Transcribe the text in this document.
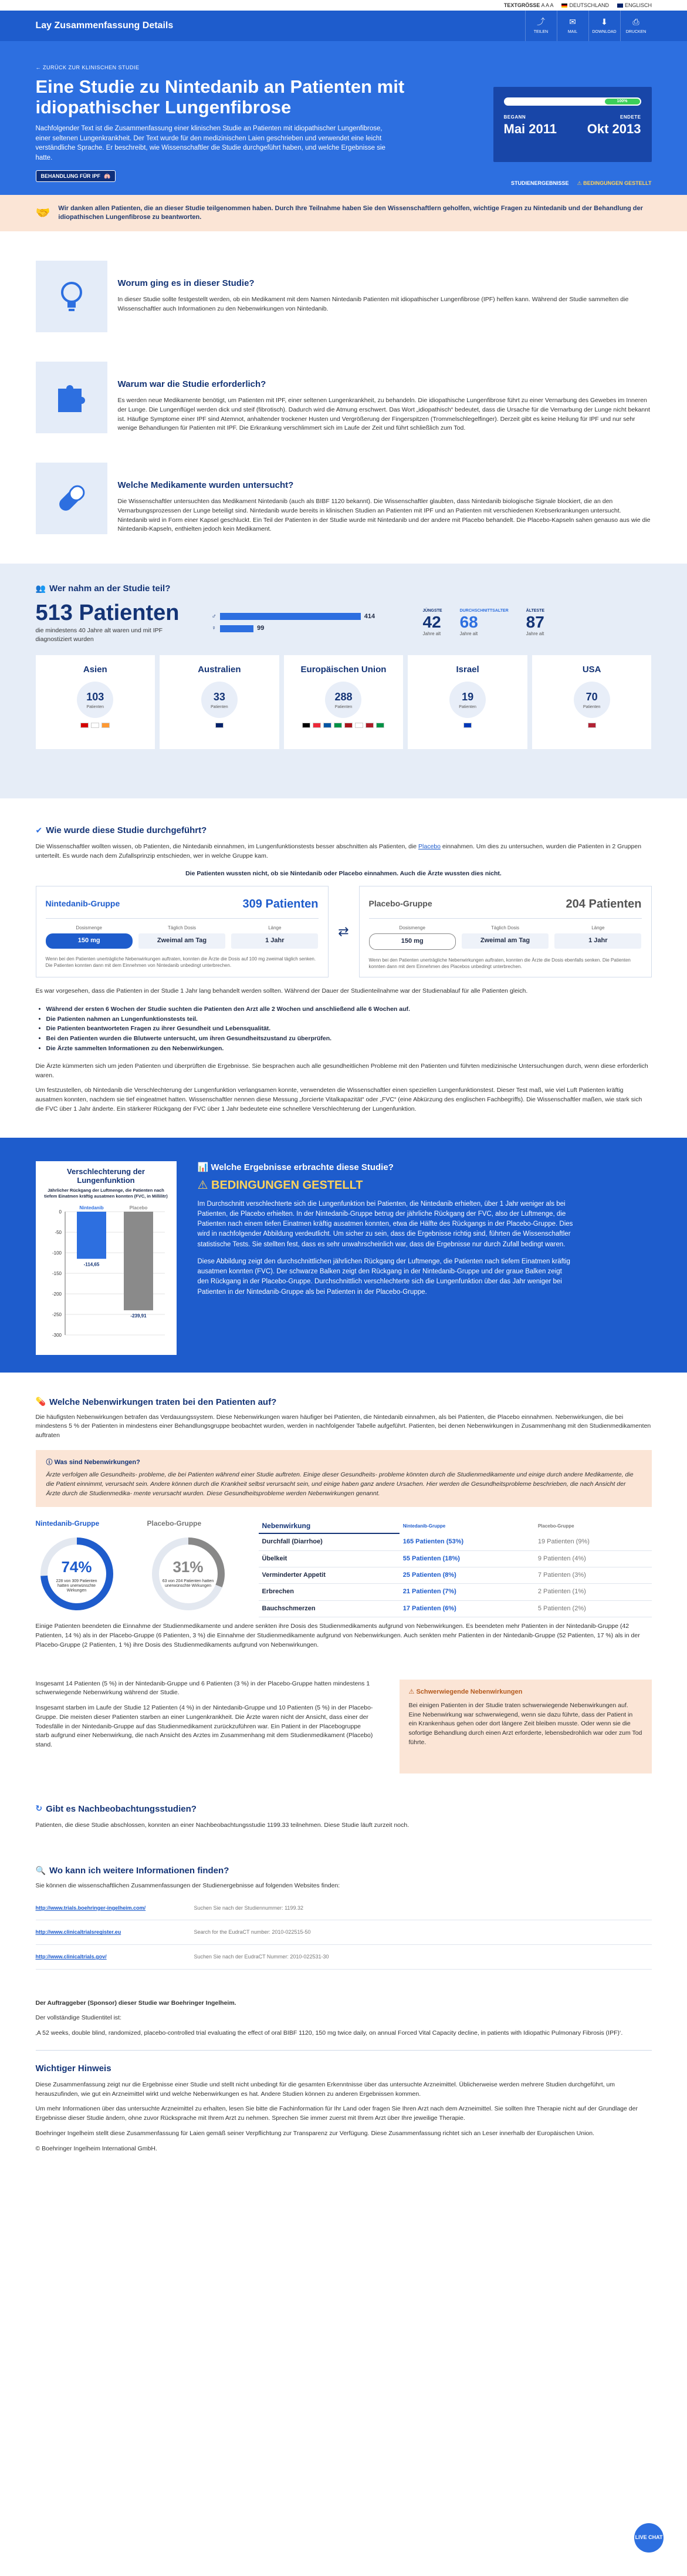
TEXTGRÖSSE A A A	DEUTSCHLAND	ENGLISCH
Lay Zusammenfassung Details	⤴
TEILEN
✉
MAIL
⬇
DOWNLOAD
⎙
DRUCKEN
← ZURÜCK ZUR KLINISCHEN STUDIE
Eine Studie zu Nintedanib an Patienten mit idiopathischer Lungenfibrose

Nachfolgender Text ist die Zusammenfassung einer klinischen Studie an Patienten mit idiopathischer Lungenfibrose, einer seltenen Lungenkrankheit. Der Text wurde für den medizinischen Laien geschrieben und verwendet eine leicht verständliche Sprache. Er beschreibt, wie Wissenschaftler die Studie durchgeführt haben, und welche Ergebnisse sie hatte.

BEHANDLUNG FÜR IPF 🫁
100%
BEGANN
Mai 2011
ENDETE
Okt 2013
STUDIENERGEBNISSE ⚠ BEDINGUNGEN GESTELLT
🤝 Wir danken allen Patienten, die an dieser Studie teilgenommen haben. Durch Ihre Teilnahme haben Sie den Wissenschaftlern geholfen, wichtige Fragen zu Nintedanib und der Behandlung der idiopathischen Lungenfibrose zu beantworten.
Worum ging es in dieser Studie?

In dieser Studie sollte festgestellt werden, ob ein Medikament mit dem Namen Nintedanib Patienten mit idiopathischer Lungenfibrose (IPF) helfen kann. Während der Studie sammelten die Wissenschaftler auch Informationen zu den Nebenwirkungen von Nintedanib.

Warum war die Studie erforderlich?

Es werden neue Medikamente benötigt, um Patienten mit IPF, einer seltenen Lungenkrankheit, zu behandeln. Die idiopathische Lungenfibrose führt zu einer Vernarbung des Gewebes im Inneren der Lunge. Die Lungenflügel werden dick und steif (fibrotisch). Dadurch wird die Atmung erschwert. Das Wort „idiopathisch“ bedeutet, dass die Ursache für die Vernarbung der Lunge nicht bekannt ist. Häufige Symptome einer IPF sind Atemnot, anhaltender trockener Husten und Vergrößerung der Fingerspitzen (Trommelschlegelfinger). Derzeit gibt es keine Heilung für IPF und nur sehr wenige Behandlungen für Patienten mit IPF. Die Erkrankung verschlimmert sich im Laufe der Zeit und führt schließlich zum Tod.

Welche Medikamente wurden untersucht?

Die Wissenschaftler untersuchten das Medikament Nintedanib (auch als BIBF 1120 bekannt). Die Wissenschaftler glaubten, dass Nintedanib biologische Signale blockiert, die an den Vernarbungsprozessen der Lunge beteiligt sind. Nintedanib wurde bereits in klinischen Studien an Patienten mit IPF und an Patienten mit verschiedenen Krebserkrankungen untersucht. Nintedanib wird in Form einer Kapsel geschluckt. Ein Teil der Patienten in der Studie wurde mit Nintedanib und der andere mit Placebo behandelt. Die Placebo-Kapseln sahen genauso aus wie die Nintedanib-Kapseln, enthielten jedoch kein Medikament.

👥 Wer nahm an der Studie teil?
513 Patienten
die mindestens 40 Jahre alt waren und mit IPF diagnostiziert wurden
♂	414
♀	99
JÜNGSTE
42
Jahre alt
DURCHSCHNITTSALTER
68
Jahre alt
ÄLTESTE
87
Jahre alt
Asien
103
Patienten
Australien
33
Patienten
Europäischen Union
288
Patienten
Israel
19
Patienten
USA
70
Patienten
✔ Wie wurde diese Studie durchgeführt?

Die Wissenschaftler wollten wissen, ob Patienten, die Nintedanib einnahmen, im Lungenfunktionstests besser abschnitten als Patienten, die Placebo einnahmen. Um dies zu untersuchen, wurden die Patienten in 2 Gruppen unterteilt. Es wurde nach dem Zufallsprinzip entschieden, wer in welche Gruppe kam.

Die Patienten wussten nicht, ob sie Nintedanib oder Placebo einnahmen. Auch die Ärzte wussten dies nicht.
Nintedanib-Gruppe	309 Patienten
Dosismenge
150 mg
Täglich Dosis
Zweimal am Tag
Länge
1 Jahr
Wenn bei den Patienten unerträgliche Nebenwirkungen auftraten, konnten die Ärzte die Dosis auf 100 mg zweimal täglich senken. Die Patienten konnten dann mit dem Einnehmen von Nintedanib unbedingt unterbrechen.
⇄
Placebo-Gruppe	204 Patienten
Dosismenge
150 mg
Täglich Dosis
Zweimal am Tag
Länge
1 Jahr
Wenn bei den Patienten unerträgliche Nebenwirkungen auftraten, konnten die Ärzte die Dosis ebenfalls senken. Die Patienten konnten dann mit dem Einnehmen des Placebos unbedingt unterbrechen.

Es war vorgesehen, dass die Patienten in der Studie 1 Jahr lang behandelt werden sollten. Während der Dauer der Studienteilnahme war der Studienablauf für alle Patienten gleich.

• Während der ersten 6 Wochen der Studie suchten die Patienten den Arzt alle 2 Wochen und anschließend alle 6 Wochen auf.
• Die Patienten nahmen an Lungenfunktionstests teil.
• Die Patienten beantworteten Fragen zu ihrer Gesundheit und Lebensqualität.
• Bei den Patienten wurden die Blutwerte untersucht, um ihren Gesundheitszustand zu überprüfen.
• Die Ärzte sammelten Informationen zu den Nebenwirkungen.

Die Ärzte kümmerten sich um jeden Patienten und überprüften die Ergebnisse. Sie besprachen auch alle gesundheitlichen Probleme mit den Patienten und führten medizinische Untersuchungen durch, wenn diese erforderlich waren.

Um festzustellen, ob Nintedanib die Verschlechterung der Lungenfunktion verlangsamen konnte, verwendeten die Wissenschaftler einen speziellen Lungenfunktionstest. Dieser Test maß, wie viel Luft Patienten kräftig ausatmen konnten, nachdem sie tief eingeatmet hatten. Wissenschaftler nennen diese Messung „forcierte Vitalkapazität“ oder „FVC“ (eine Abkürzung des englischen Fachbegriffs). Die Wissenschaftler maßen, wie stark sich die FVC über 1 Jahr änderte. Ein stärkerer Rückgang der FVC über 1 Jahr bedeutete eine schnellere Verschlechterung der Lungenfunktion.

Verschlechterung der Lungenfunktion
Jährlicher Rückgang der Luftmenge, die Patienten nach tiefem Einatmen kräftig ausatmen konnten (FVC, in Millilitr)
0
-50
-100
-150
-200
-250
-300
Nintedanib
-114,65
Placebo
-239,91
📊 Welche Ergebnisse erbrachte diese Studie?
⚠ BEDINGUNGEN GESTELLT

Im Durchschnitt verschlechterte sich die Lungenfunktion bei Patienten, die Nintedanib erhielten, über 1 Jahr weniger als bei Patienten, die Placebo erhielten. In der Nintedanib-Gruppe betrug der jährliche Rückgang der FVC, also der Luftmenge, die Patienten nach einem tiefen Einatmen kräftig ausatmen konnten, etwa die Hälfte des Rückgangs in der Placebo-Gruppe. Dies wird in nachfolgender Abbildung verdeutlicht. Um sicher zu sein, dass die Ergebnisse richtig sind, führten die Wissenschaftler statistische Tests. Sie stellten fest, dass es sehr unwahrscheinlich war, dass die Ergebnisse nur durch Zufall bedingt waren.

Diese Abbildung zeigt den durchschnittlichen jährlichen Rückgang der Luftmenge, die Patienten nach tiefem Einatmen kräftig ausatmen konnten (FVC). Der schwarze Balken zeigt den Rückgang in der Nintedanib-Gruppe und der graue Balken zeigt den Rückgang in der Placebo-Gruppe. Durchschnittlich verschlechterte sich die Lungenfunktion über das Jahr weniger bei Patienten in der Nintedanib-Gruppe als bei Patienten in der Placebo-Gruppe.

💊 Welche Nebenwirkungen traten bei den Patienten auf?

Die häufigsten Nebenwirkungen betrafen das Verdauungssystem. Diese Nebenwirkungen waren häufiger bei Patienten, die Nintedanib einnahmen, als bei Patienten, die Placebo einnahmen. Nebenwirkungen, die bei mindestens 5 % der Patienten in mindestens einer Behandlungsgruppe beobachtet wurden, werden in nachfolgender Tabelle aufgeführt. Patienten, bei denen Nebenwirkungen in Zusammenhang mit den Studienmedikamenten auftraten

ⓘ Was sind Nebenwirkungen?

Ärzte verfolgen alle Gesundheits- probleme, die bei Patienten während einer Studie auftreten. Einige dieser Gesundheits- probleme könnten durch die Studienmedikamente und einige durch andere Medikamente, die die Patient einnimmt, verursacht sein. Andere können durch die Krankheit selbst verursacht sein, und einige haben ganz andere Ursachen. Hier werden die Gesundheitsprobleme beschrieben, die nach Ansicht der Ärzte durch die Studienmedika- mente verursacht wurden. Diese Gesundheitsprobleme werden Nebenwirkungen genannt.

Nintedanib-Gruppe
74%
228 von 309 Patienten hatten unerwünschte Wirkungen
Placebo-Gruppe
31%
63 von 204 Patienten hatten unerwünschte Wirkungen
Nebenwirkung	Nintedanib-Gruppe	Placebo-Gruppe
Durchfall (Diarrhoe)	165 Patienten (53%)	19 Patienten (9%)
Übelkeit	55 Patienten (18%)	9 Patienten (4%)
Verminderter Appetit	25 Patienten (8%)	7 Patienten (3%)
Erbrechen	21 Patienten (7%)	2 Patienten (1%)
Bauchschmerzen	17 Patienten (6%)	5 Patienten (2%)

Einige Patienten beendeten die Einnahme der Studienmedikamente und andere senkten ihre Dosis des Studienmedikaments aufgrund von Nebenwirkungen. Es beendeten mehr Patienten in der Nintedanib-Gruppe (42 Patienten, 14 %) als in der Placebo-Gruppe (6 Patienten, 3 %) die Einnahme der Studienmedikamente aufgrund von Nebenwirkungen. Auch senkten mehr Patienten in der Nintedanib-Gruppe (52 Patienten, 17 %) als in der Placebo-Gruppe (2 Patienten, 1 %) ihre Dosis des Studienmedikaments aufgrund von Nebenwirkungen.

Insgesamt 14 Patienten (5 %) in der Nintedanib-Gruppe und 6 Patienten (3 %) in der Placebo-Gruppe hatten mindestens 1 schwerwiegende Nebenwirkung während der Studie.

Insgesamt starben im Laufe der Studie 12 Patienten (4 %) in der Nintedanib-Gruppe und 10 Patienten (5 %) in der Placebo-Gruppe. Die meisten dieser Patienten starben an einer Lungenkrankheit. Die Ärzte waren nicht der Ansicht, dass einer der Todesfälle in der Nintedanib-Gruppe auf das Studienmedikament zurückzuführen war. Ein Patient in der Placebogruppe starb aufgrund einer Nebenwirkung, die nach Ansicht des Arztes im Zusammenhang mit dem Studienmedikament (Placebo) stand.

⚠ Schwerwiegende Nebenwirkungen

Bei einigen Patienten in der Studie traten schwerwiegende Nebenwirkungen auf. Eine Nebenwirkung war schwerwiegend, wenn sie dazu führte, dass der Patient in ein Krankenhaus gehen oder dort längere Zeit bleiben musste. Oder wenn sie die sofortige Behandlung durch einen Arzt erforderte, lebensbedrohlich war oder zum Tod führte.

↻ Gibt es Nachbeobachtungsstudien?

Patienten, die diese Studie abschlossen, konnten an einer Nachbeobachtungsstudie 1199.33 teilnehmen. Diese Studie läuft zurzeit noch.

🔍 Wo kann ich weitere Informationen finden?

Sie können die wissenschaftlichen Zusammenfassungen der Studienergebnisse auf folgenden Websites finden:

http://www.trials.boehringer-ingelheim.com/	Suchen Sie nach der Studiennummer: 1199.32
http://www.clinicaltrialsregister.eu	Search for the EudraCT number: 2010-022515-50
http://www.clinicaltrials.gov/	Suchen Sie nach der EudraCT Nummer: 2010-022531-30

Der Auftraggeber (Sponsor) dieser Studie war Boehringer Ingelheim.

Der vollständige Studientitel ist:

‚A 52 weeks, double blind, randomized, placebo-controlled trial evaluating the effect of oral BIBF 1120, 150 mg twice daily, on annual Forced Vital Capacity decline, in patients with Idiopathic Pulmonary Fibrosis (IPF)‘.

Wichtiger Hinweis

Diese Zusammenfassung zeigt nur die Ergebnisse einer Studie und stellt nicht unbedingt für die gesamten Erkenntnisse über das untersuchte Arzneimittel. Üblicherweise werden mehrere Studien durchgeführt, um herauszufinden, wie gut ein Arzneimittel wirkt und welche Nebenwirkungen es hat. Andere Studien können zu anderen Ergebnissen kommen.

Um mehr Informationen über das untersuchte Arzneimittel zu erhalten, lesen Sie bitte die Fachinformation für Ihr Land oder fragen Sie Ihren Arzt nach dem Arzneimittel. Sie sollten Ihre Therapie nicht auf der Grundlage der Ergebnisse dieser Studie ändern, ohne zuvor Rücksprache mit Ihrem Arzt zu nehmen. Sprechen Sie immer zuerst mit Ihrem Arzt über Ihre jeweilige Therapie.

Boehringer Ingelheim stellt diese Zusammenfassung für Laien gemäß seiner Verpflichtung zur Transparenz zur Verfügung. Diese Zusammenfassung richtet sich an Leser innerhalb der Europäischen Union.

© Boehringer Ingelheim International GmbH.

LIVE CHAT
